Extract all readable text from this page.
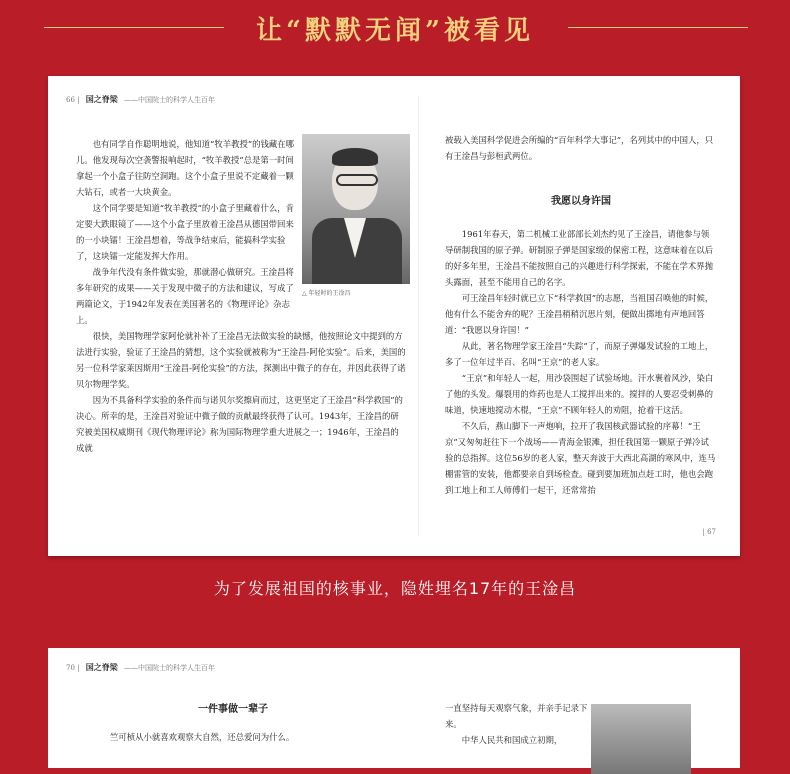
让“默默无闻”被看见
66 | 国之脊梁 ——中国院士的科学人生百年
△ 年轻时的王淦昌

也有同学自作聪明地说，他知道“牧羊教授”的钱藏在哪儿。他发现每次空袭警报响起时，“牧羊教授”总是第一时间拿起一个小盒子往防空洞跑。这个小盒子里说不定藏着一颗大钻石，或者一大块黄金。

这个同学要是知道“牧羊教授”的小盒子里藏着什么，肯定要大跌眼镜了——这个小盒子里放着王淦昌从德国带回来的一小块镭！王淦昌想着，等战争结束后，能搞科学实验了，这块镭一定能发挥大作用。

战争年代没有条件做实验，那就潜心做研究。王淦昌将多年研究的成果——关于发现中微子的方法和建议，写成了两篇论文，于1942年发表在美国著名的《物理评论》杂志上。

很快，美国物理学家阿伦就补补了王淦昌无法做实验的缺憾，他按照论文中提到的方法进行实验，验证了王淦昌的猜想，这个实验就被称为“王淦昌-阿伦实验”。后来，美国的另一位科学家莱因斯用“王淦昌-阿伦实验”的方法，探测出中微子的存在，并因此获得了诺贝尔物理学奖。

因为不具备科学实验的条件而与诺贝尔奖擦肩而过，这更坚定了王淦昌“科学救国”的决心。所幸的是，王淦昌对验证中微子做的贡献最终获得了认可。1943年，王淦昌的研究被美国权威期刊《现代物理评论》称为国际物理学重大进展之一；1946年，王淦昌的成就

被载入美国科学促进会所编的“百年科学大事记”，名列其中的中国人，只有王淦昌与彭桓武两位。

我愿以身许国

1961年春天，第二机械工业部部长刘杰约见了王淦昌，请他参与领导研制我国的原子弹。研制原子弹是国家级的保密工程，这意味着在以后的好多年里，王淦昌不能按照自己的兴趣进行科学探索，不能在学术界抛头露面，甚至不能用自己的名字。

可王淦昌年轻时就已立下“科学救国”的志愿，当祖国召唤他的时候，他有什么不能舍弃的呢？王淦昌稍稍沉思片刻，便做出掷地有声地回答道：“我愿以身许国！”

从此，著名物理学家王淦昌“失踪”了，而原子弹爆发试验的工地上，多了一位年过半百、名叫“王京”的老人家。

“王京”和年轻人一起，用沙袋围起了试验场地。汗水裹着风沙，染白了他的头发。爆裂用的炸药也是人工搅拌出来的。搅拌的人要忍受刺鼻的味道，快速地搅动木棍，“王京”不顾年轻人的劝阻，抢着干这活。

不久后，燕山脚下一声炮响，拉开了我国核武器试验的序幕！“王京”又匆匆赶往下一个战场——青海金银滩，担任我国第一颗原子弹冷试验的总指挥。这位56岁的老人家，整天奔波于大西北高湖的寒风中，连马棚雷管的安装，他都要亲自到场检查。碰到要加班加点赶工时，他也会跑到工地上和工人师傅们一起干，还常常抬

| 67
为了发展祖国的核事业，隐姓埋名17年的王淦昌
70 | 国之脊梁 ——中国院士的科学人生百年
一件事做一辈子
竺可桢从小就喜欢观察大自然，还总爱问为什么。

一直坚持每天观察气象，并亲手记录下来。

中华人民共和国成立初期，
